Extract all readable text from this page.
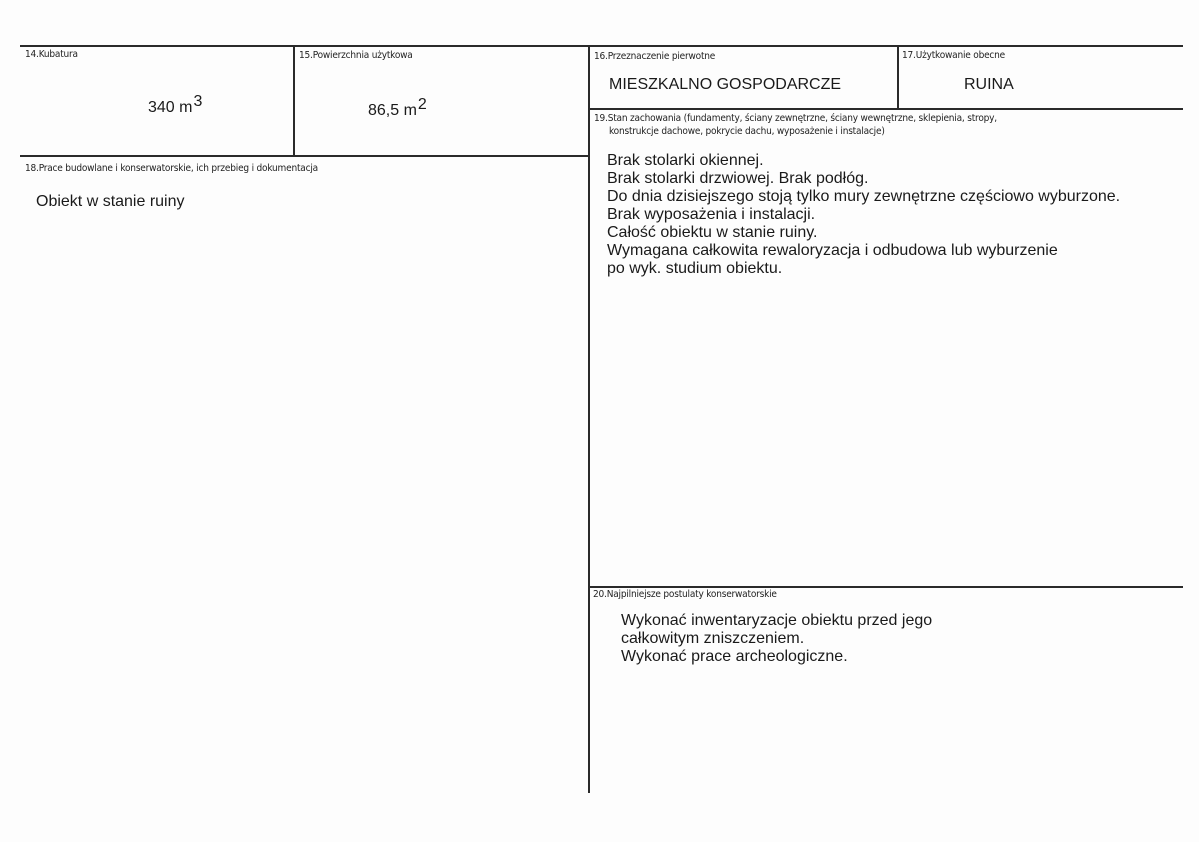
14.Kubatura
340 $m^3$
15.Powierzchnia użytkowa
86,5 $m^2$
16.Przeznaczenie pierwotne
MIESZKALNO GOSPODARCZE
17.Użytkowanie obecne
RUINA
18.Prace budowlane i konserwatorskie, ich przebieg i dokumentacja
Obiekt w stanie ruiny
19.Stan zachowania (fundamenty, ściany zewnętrzne, ściany wewnętrzne, sklepienia, stropy,
konstrukcje dachowe, pokrycie dachu, wyposażenie i instalacje)
Brak stolarki okiennej.
Brak stolarki drzwiowej. Brak podłóg.
Do dnia dzisiejszego stoją tylko mury zewnętrzne częściowo wyburzone.
Brak wyposażenia i instalacji.
Całość obiektu w stanie ruiny.
Wymagana całkowita rewaloryzacja i odbudowa lub wyburzenie
po wyk. studium obiektu.
20.Najpilniejsze postulaty konserwatorskie
Wykonać inwentaryzacje obiektu przed jego
całkowitym zniszczeniem.
Wykonać prace archeologiczne.
